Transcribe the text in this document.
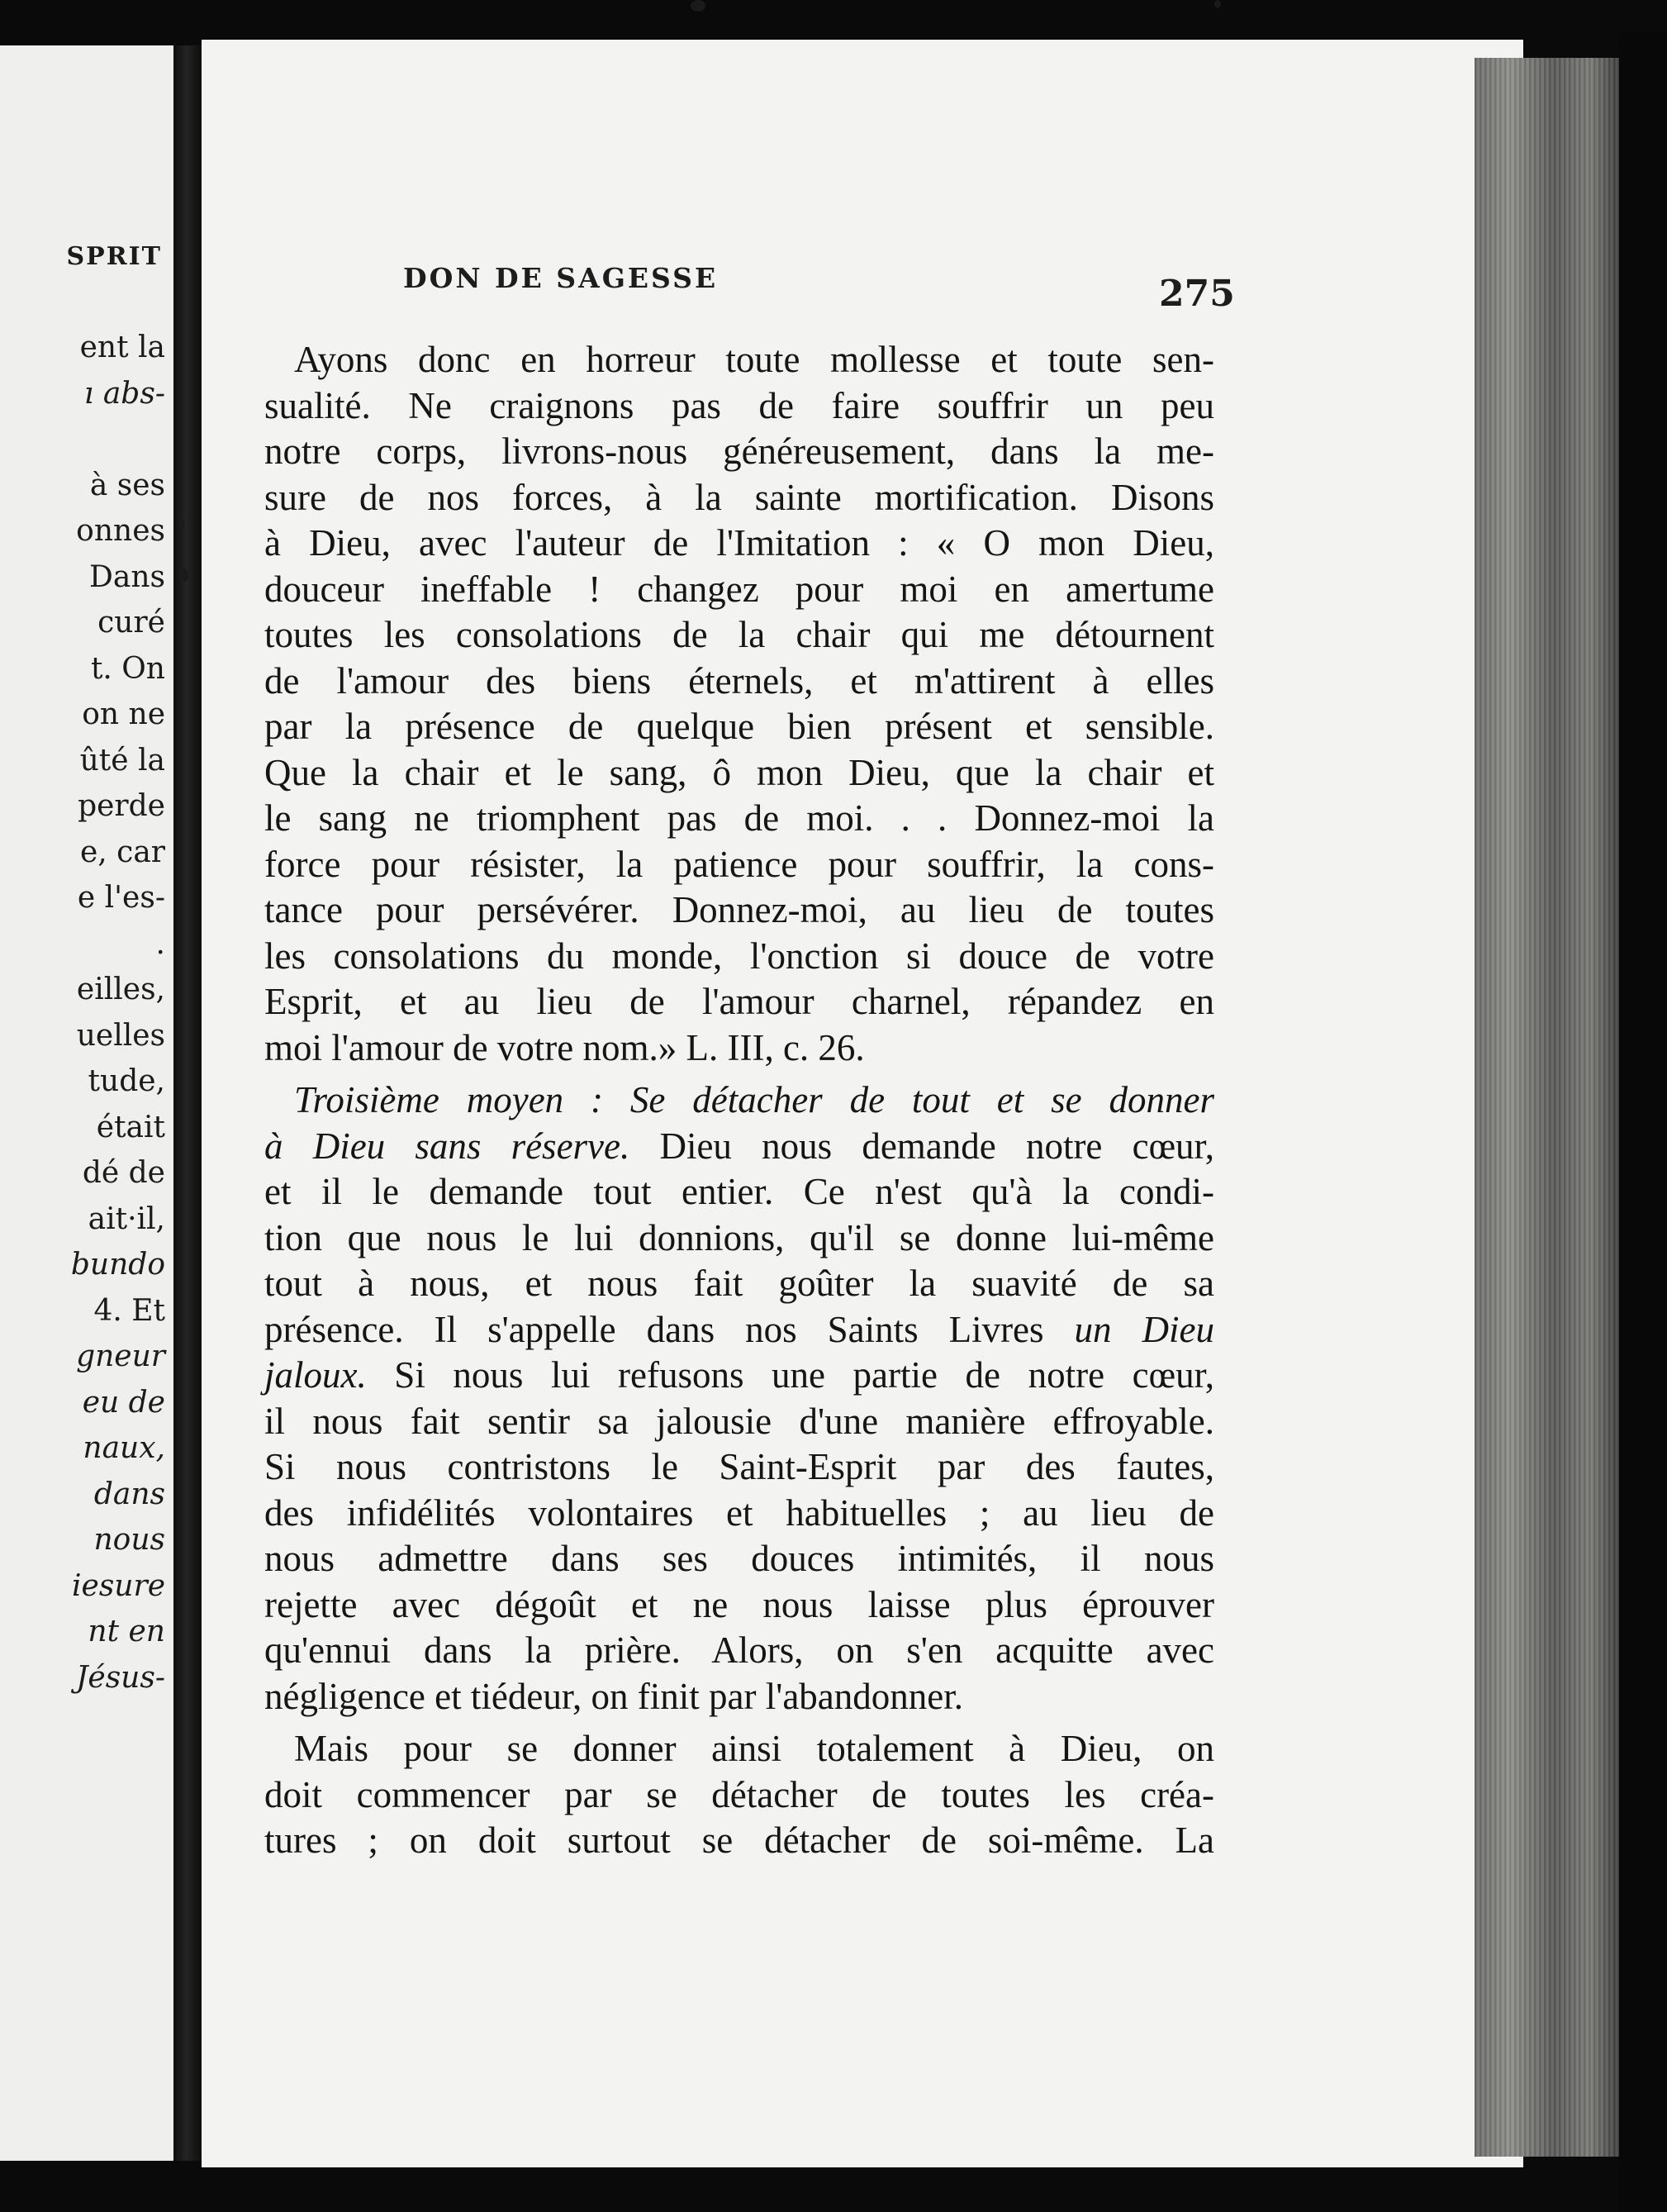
SPRIT
ent la
ı abs-
à ses
onnes
Dans
curé
t. On
on ne
ûté la
perde
e, car
e l'es-
.
eilles,
uelles
tude,
était
dé de
ait·il,
bundo
4. Et
gneur
eu de
naux,
dans
nous
iesure
nt en
Jésus-
DON DE SAGESSE	275
Ayons donc en horreur toute mollesse et toute sen-
sualité. Ne craignons pas de faire souffrir un peu
notre corps, livrons-nous généreusement, dans la me-
sure de nos forces, à la sainte mortification. Disons
à Dieu, avec l'auteur de l'Imitation : « O mon Dieu,
douceur ineffable ! changez pour moi en amertume
toutes les consolations de la chair qui me détournent
de l'amour des biens éternels, et m'attirent à elles
par la présence de quelque bien présent et sensible.
Que la chair et le sang, ô mon Dieu, que la chair et
le sang ne triomphent pas de moi. . . Donnez-moi la
force pour résister, la patience pour souffrir, la cons-
tance pour persévérer. Donnez-moi, au lieu de toutes
les consolations du monde, l'onction si douce de votre
Esprit, et au lieu de l'amour charnel, répandez en
moi l'amour de votre nom.» L. III, c. 26.
Troisième moyen : Se détacher de tout et se donner
à Dieu sans réserve. Dieu nous demande notre cœur,
et il le demande tout entier. Ce n'est qu'à la condi-
tion que nous le lui donnions, qu'il se donne lui-même
tout à nous, et nous fait goûter la suavité de sa
présence. Il s'appelle dans nos Saints Livres un Dieu
jaloux. Si nous lui refusons une partie de notre cœur,
il nous fait sentir sa jalousie d'une manière effroyable.
Si nous contristons le Saint-Esprit par des fautes,
des infidélités volontaires et habituelles ; au lieu de
nous admettre dans ses douces intimités, il nous
rejette avec dégoût et ne nous laisse plus éprouver
qu'ennui dans la prière. Alors, on s'en acquitte avec
négligence et tiédeur, on finit par l'abandonner.
Mais pour se donner ainsi totalement à Dieu, on
doit commencer par se détacher de toutes les créa-
tures ; on doit surtout se détacher de soi-même. La
